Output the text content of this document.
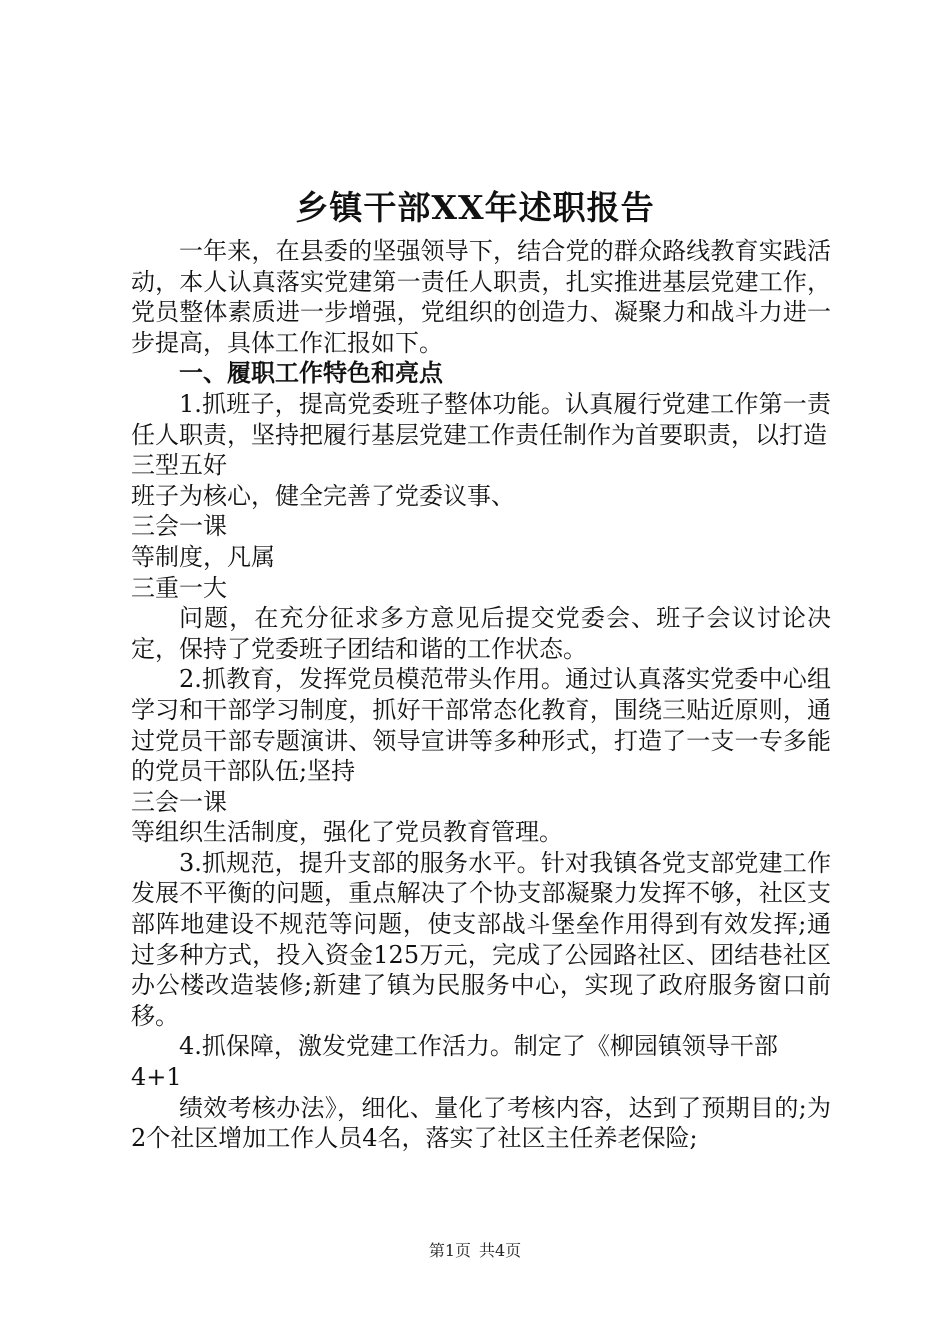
乡镇干部XX年述职报告

一年来，在县委的坚强领导下，结合党的群众路线教育实践活动，本人认真落实党建第一责任人职责，扎实推进基层党建工作，党员整体素质进一步增强，党组织的创造力、凝聚力和战斗力进一步提高，具体工作汇报如下。

一、履职工作特色和亮点

1.抓班子，提高党委班子整体功能。认真履行党建工作第一责任人职责，坚持把履行基层党建工作责任制作为首要职责，以打造

三型五好

班子为核心，健全完善了党委议事、

三会一课

等制度，凡属

三重一大

问题，在充分征求多方意见后提交党委会、班子会议讨论决定，保持了党委班子团结和谐的工作状态。

2.抓教育，发挥党员模范带头作用。通过认真落实党委中心组学习和干部学习制度，抓好干部常态化教育，围绕三贴近原则，通过党员干部专题演讲、领导宣讲等多种形式，打造了一支一专多能的党员干部队伍;坚持

三会一课

等组织生活制度，强化了党员教育管理。

3.抓规范，提升支部的服务水平。针对我镇各党支部党建工作发展不平衡的问题，重点解决了个协支部凝聚力发挥不够，社区支部阵地建设不规范等问题，使支部战斗堡垒作用得到有效发挥;通过多种方式，投入资金125万元，完成了公园路社区、团结巷社区办公楼改造装修;新建了镇为民服务中心，实现了政府服务窗口前移。

4.抓保障，激发党建工作活力。制定了《柳园镇领导干部

4+1

绩效考核办法》，细化、量化了考核内容，达到了预期目的;为2个社区增加工作人员4名，落实了社区主任养老保险;

第1页 共4页
